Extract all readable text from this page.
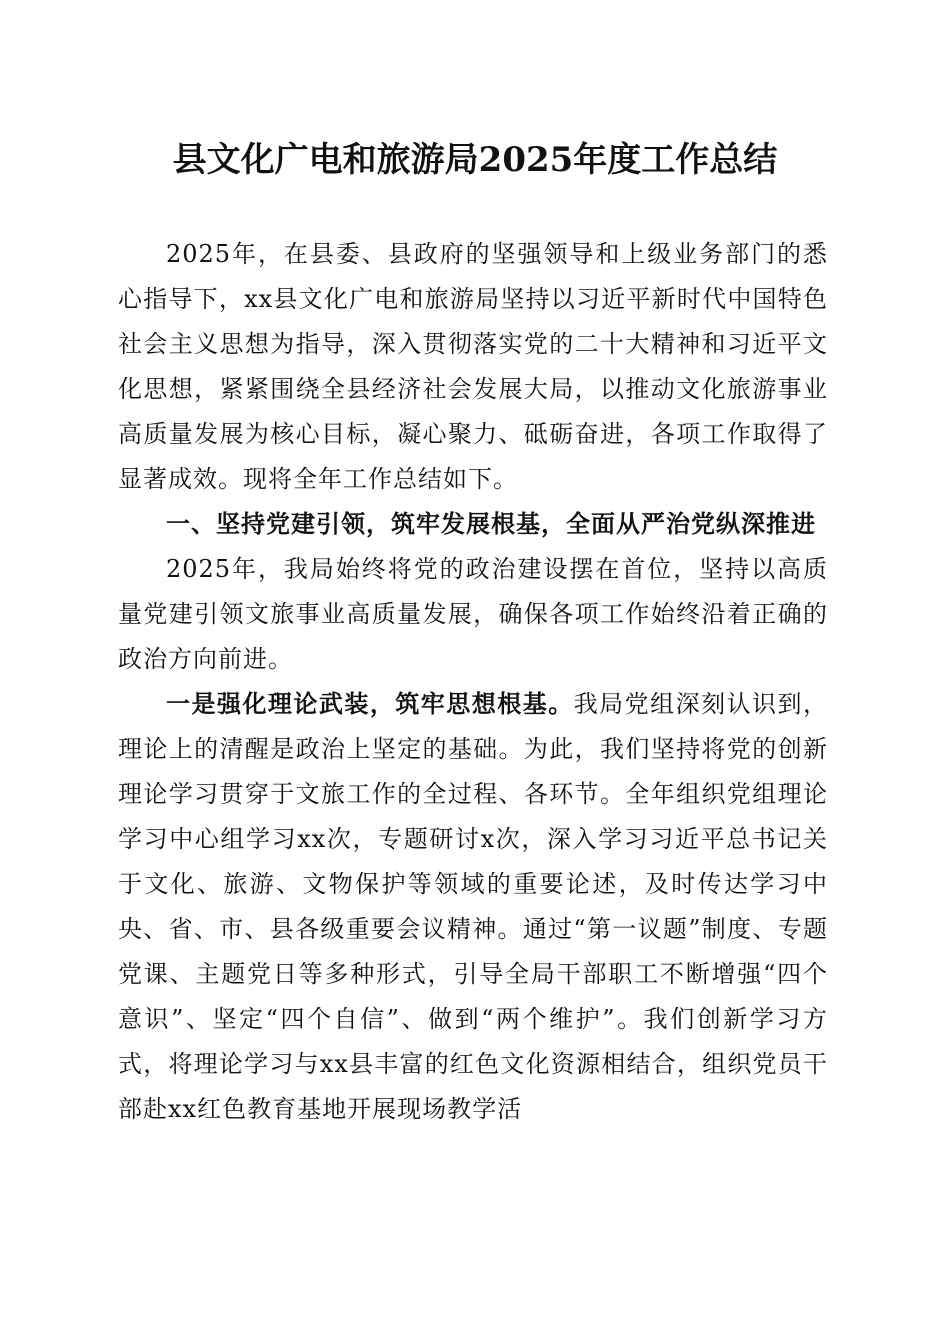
县文化广电和旅游局2025年度工作总结

2025年，在县委、县政府的坚强领导和上级业务部门的悉心指导下，xx县文化广电和旅游局坚持以习近平新时代中国特色社会主义思想为指导，深入贯彻落实党的二十大精神和习近平文化思想，紧紧围绕全县经济社会发展大局，以推动文化旅游事业高质量发展为核心目标，凝心聚力、砥砺奋进，各项工作取得了显著成效。现将全年工作总结如下。

一、坚持党建引领，筑牢发展根基，全面从严治党纵深推进

2025年，我局始终将党的政治建设摆在首位，坚持以高质量党建引领文旅事业高质量发展，确保各项工作始终沿着正确的政治方向前进。

一是强化理论武装，筑牢思想根基。我局党组深刻认识到，理论上的清醒是政治上坚定的基础。为此，我们坚持将党的创新理论学习贯穿于文旅工作的全过程、各环节。全年组织党组理论学习中心组学习xx次，专题研讨x次，深入学习习近平总书记关于文化、旅游、文物保护等领域的重要论述，及时传达学习中央、省、市、县各级重要会议精神。通过“第一议题”制度、专题党课、主题党日等多种形式，引导全局干部职工不断增强“四个意识”、坚定“四个自信”、做到“两个维护”。我们创新学习方式，将理论学习与xx县丰富的红色文化资源相结合，组织党员干部赴xx红色教育基地开展现场教学活
